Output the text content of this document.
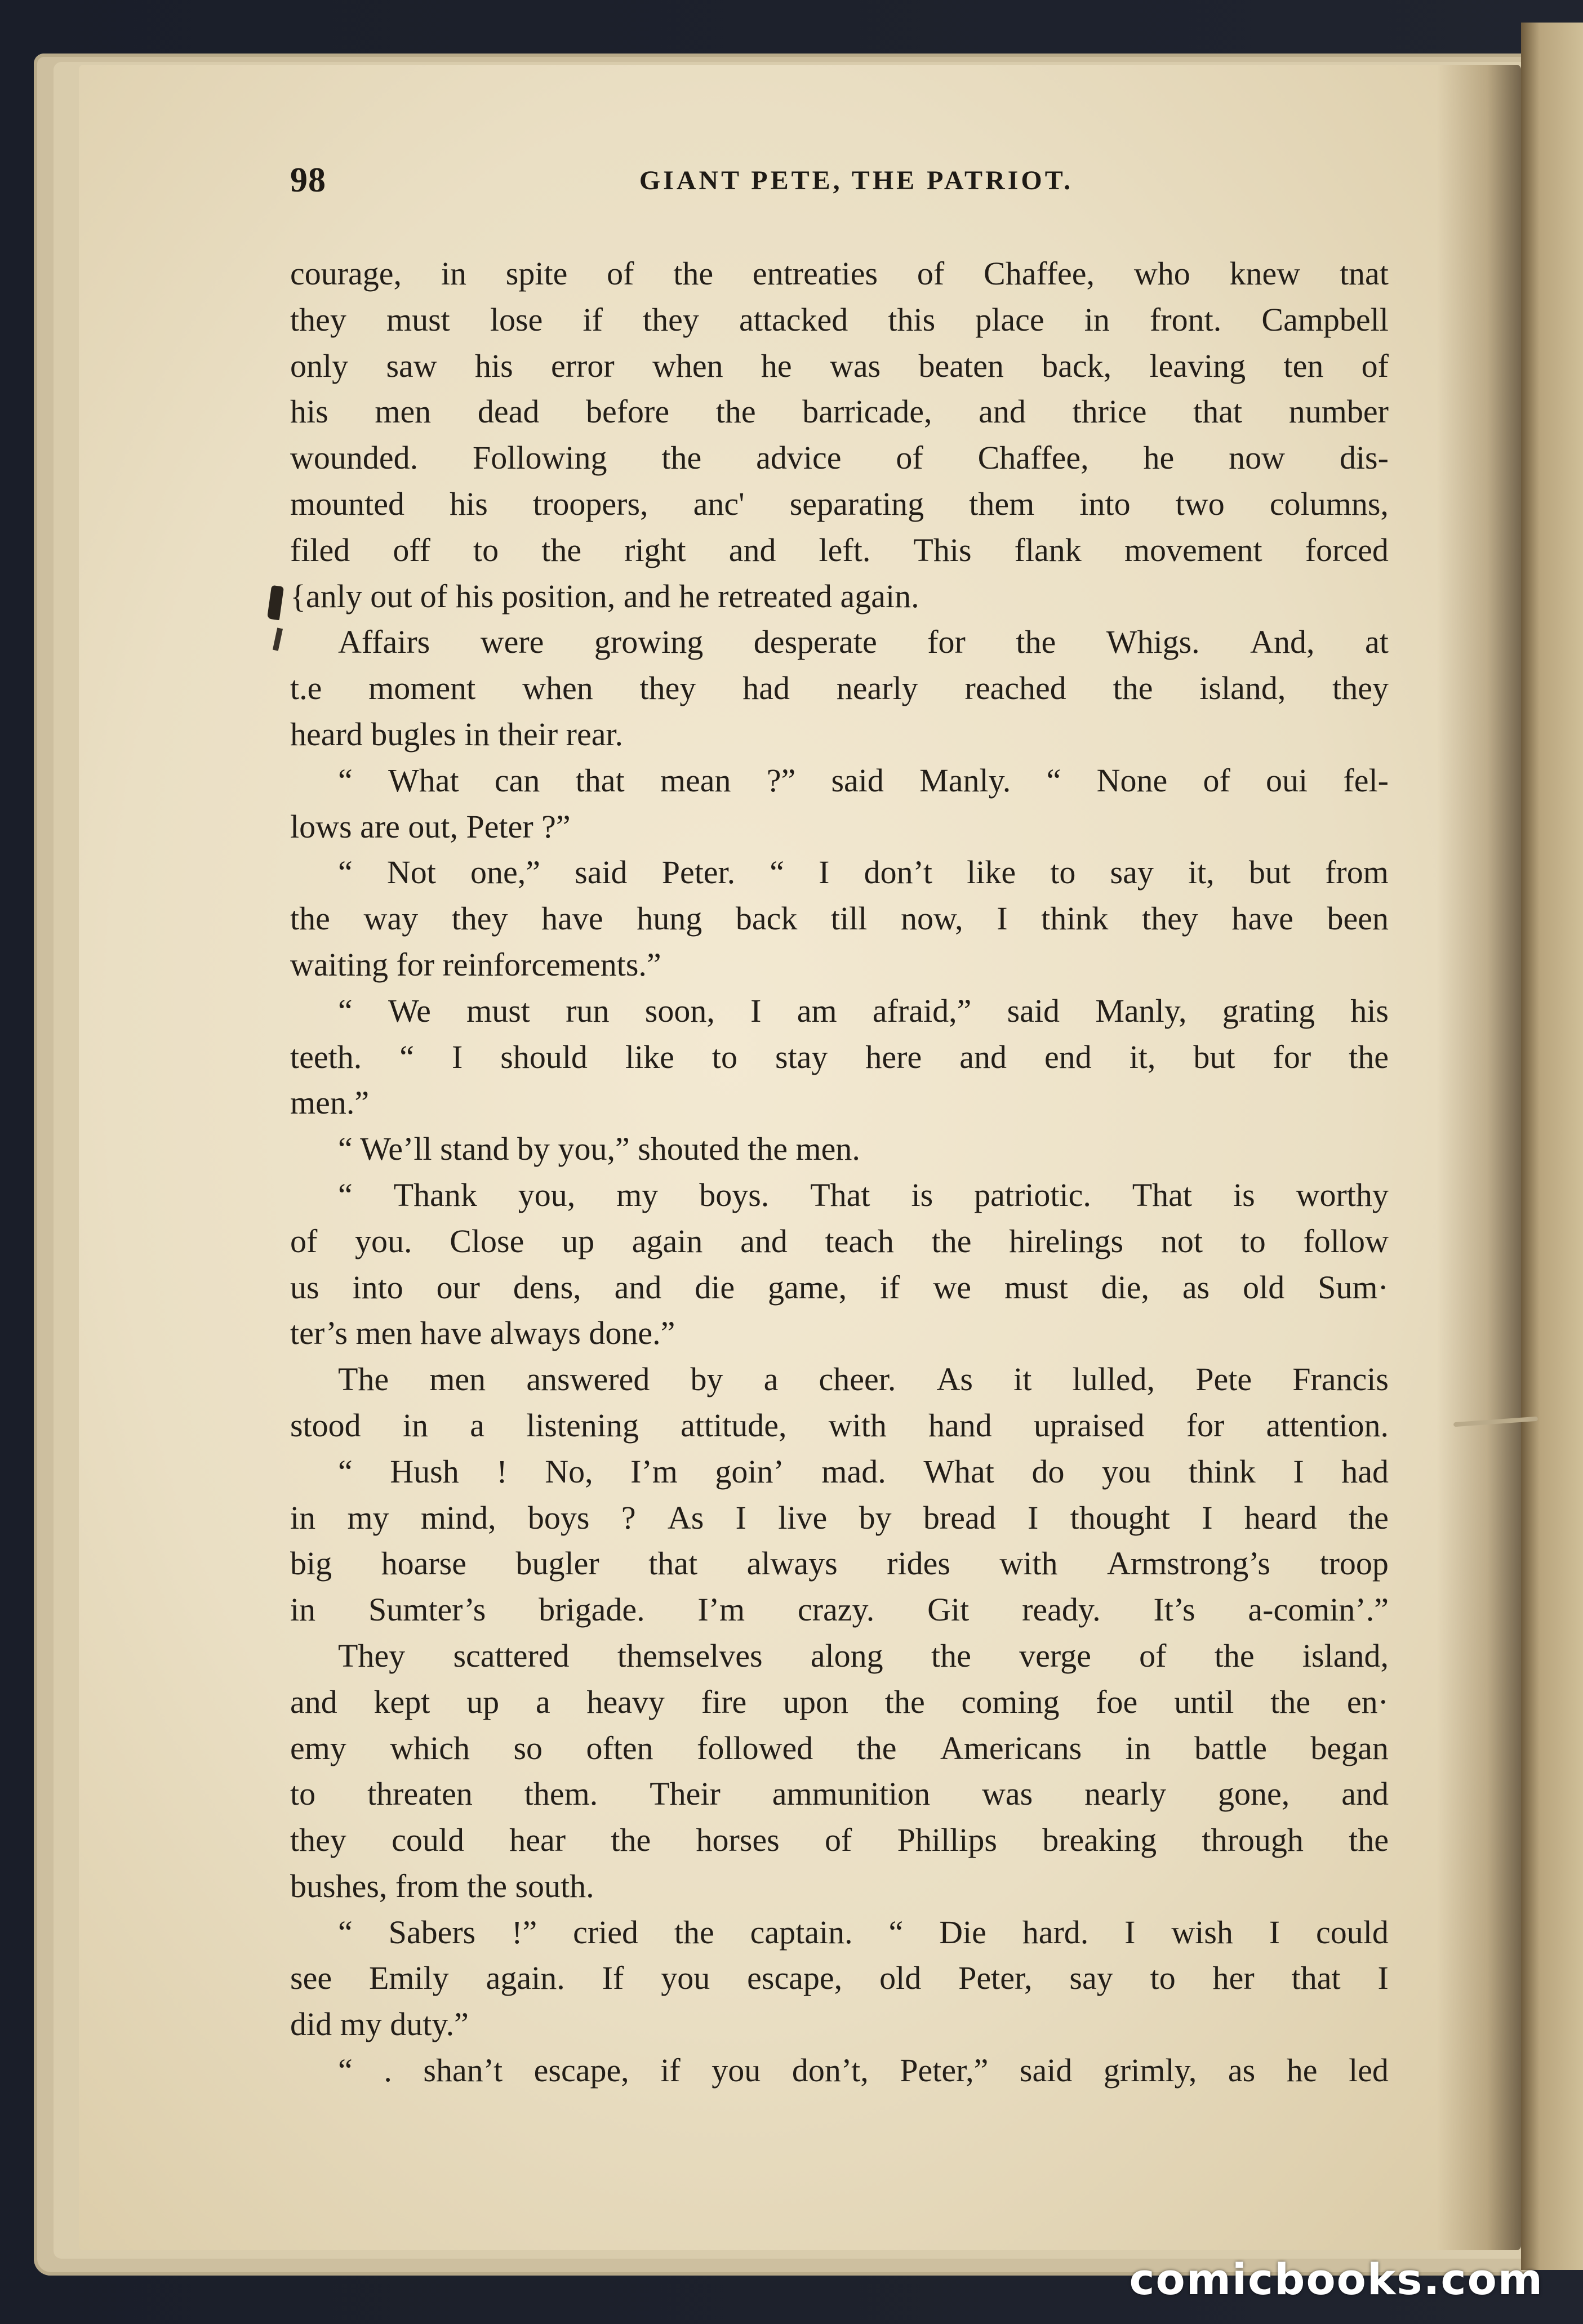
98	GIANT PETE, THE PATRIOT.
courage, in spite of the entreaties of Chaffee, who knew tnat
they must lose if they attacked this place in front. Campbell
only saw his error when he was beaten back, leaving ten of
his men dead before the barricade, and thrice that number
wounded. Following the advice of Chaffee, he now dis-
mounted his troopers, anc' separating them into two columns,
filed off to the right and left. This flank movement forced
{anly out of his position, and he retreated again.
Affairs were growing desperate for the Whigs. And, at
t.e moment when they had nearly reached the island, they
heard bugles in their rear.
“ What can that mean ?” said Manly. “ None of oui fel-
lows are out, Peter ?”
“ Not one,” said Peter. “ I don’t like to say it, but from
the way they have hung back till now, I think they have been
waiting for reinforcements.”
“ We must run soon, I am afraid,” said Manly, grating his
teeth. “ I should like to stay here and end it, but for the
men.”
“ We’ll stand by you,” shouted the men.
“ Thank you, my boys. That is patriotic. That is worthy
of you. Close up again and teach the hirelings not to follow
us into our dens, and die game, if we must die, as old Sum·
ter’s men have always done.”
The men answered by a cheer. As it lulled, Pete Francis
stood in a listening attitude, with hand upraised for attention.
“ Hush ! No, I’m goin’ mad. What do you think I had
in my mind, boys ? As I live by bread I thought I heard the
big hoarse bugler that always rides with Armstrong’s troop
in Sumter’s brigade. I’m crazy. Git ready. It’s a-comin’.”
They scattered themselves along the verge of the island,
and kept up a heavy fire upon the coming foe until the en·
emy which so often followed the Americans in battle began
to threaten them. Their ammunition was nearly gone, and
they could hear the horses of Phillips breaking through the
bushes, from the south.
“ Sabers !” cried the captain. “ Die hard. I wish I could
see Emily again. If you escape, old Peter, say to her that I
did my duty.”
“ . shan’t escape, if you don’t, Peter,” said grimly, as he led
comicbooks.com
